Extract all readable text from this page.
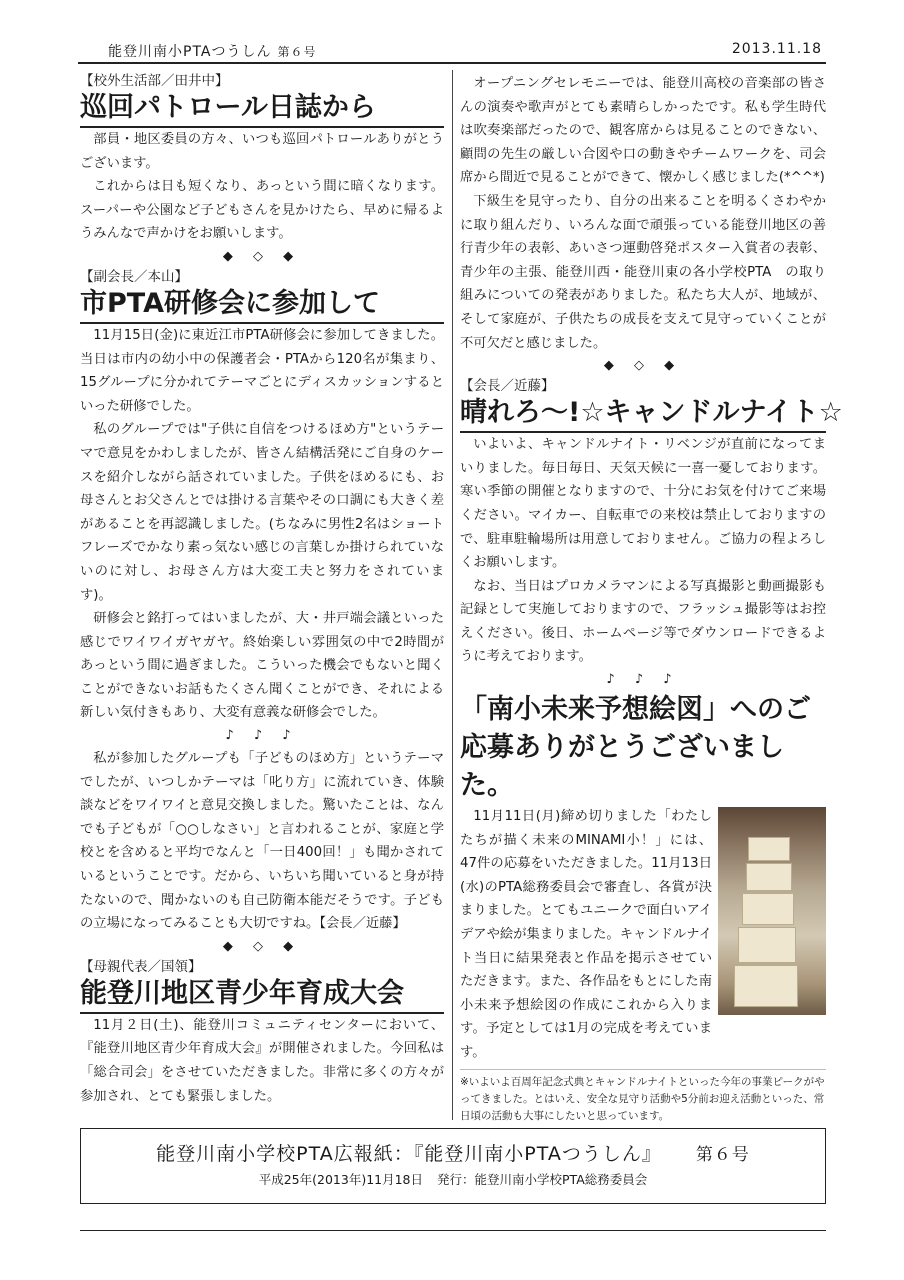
能登川南小PTAつうしん 第６号	2013.11.18
【校外生活部／田井中】
巡回パトロール日誌から

部員・地区委員の方々、いつも巡回パトロールありがとうございます。

これからは日も短くなり、あっという間に暗くなります。スーパーや公園など子どもさんを見かけたら、早めに帰るようみんなで声かけをお願いします。

◆ ◇ ◆
【副会長／本山】
市PTA研修会に参加して

11月15日(金)に東近江市PTA研修会に参加してきました。当日は市内の幼小中の保護者会・PTAから120名が集まり、15グループに分かれてテーマごとにディスカッションするといった研修でした。

私のグループでは"子供に自信をつけるほめ方"というテーマで意見をかわしましたが、皆さん結構活発にご自身のケースを紹介しながら話されていました。子供をほめるにも、お母さんとお父さんとでは掛ける言葉やその口調にも大きく差があることを再認識しました。(ちなみに男性2名はショートフレーズでかなり素っ気ない感じの言葉しか掛けられていないのに対し、お母さん方は大変工夫と努力をされています)。

研修会と銘打ってはいましたが、大・井戸端会議といった感じでワイワイガヤガヤ。終始楽しい雰囲気の中で2時間があっという間に過ぎました。こういった機会でもないと聞くことができないお話もたくさん聞くことができ、それによる新しい気付きもあり、大変有意義な研修会でした。

♪ ♪ ♪

私が参加したグループも「子どものほめ方」というテーマでしたが、いつしかテーマは「叱り方」に流れていき、体験談などをワイワイと意見交換しました。驚いたことは、なんでも子どもが「○○しなさい」と言われることが、家庭と学校とを含めると平均でなんと「一日400回！」も聞かされているということです。だから、いちいち聞いていると身が持たないので、聞かないのも自己防衛本能だそうです。子どもの立場になってみることも大切ですね。【会長／近藤】

◆ ◇ ◆
【母親代表／国領】
能登川地区青少年育成大会

11月２日(土)、能登川コミュニティセンターにおいて、『能登川地区青少年育成大会』が開催されました。今回私は「総合司会」をさせていただきました。非常に多くの方々が参加され、とても緊張しました。

オープニングセレモニーでは、能登川高校の音楽部の皆さんの演奏や歌声がとても素晴らしかったです。私も学生時代は吹奏楽部だったので、観客席からは見ることのできない、顧問の先生の厳しい合図や口の動きやチームワークを、司会席から間近で見ることができて、懐かしく感じました(*^^*)

下級生を見守ったり、自分の出来ることを明るくさわやかに取り組んだり、いろんな面で頑張っている能登川地区の善行青少年の表彰、あいさつ運動啓発ポスター入賞者の表彰、青少年の主張、能登川西・能登川東の各小学校PTA　の取り組みについての発表がありました。私たち大人が、地域が、そして家庭が、子供たちの成長を支えて見守っていくことが不可欠だと感じました。

◆ ◇ ◆
【会長／近藤】
晴れろ〜!☆キャンドルナイト☆

いよいよ、キャンドルナイト・リベンジが直前になってまいりました。毎日毎日、天気天候に一喜一憂しております。寒い季節の開催となりますので、十分にお気を付けてご来場ください。マイカー、自転車での来校は禁止しておりますので、駐車駐輪場所は用意しておりません。ご協力の程よろしくお願いします。

なお、当日はプロカメラマンによる写真撮影と動画撮影も記録として実施しておりますので、フラッシュ撮影等はお控えください。後日、ホームページ等でダウンロードできるように考えております。

♪ ♪ ♪
「南小未来予想絵図」へのご応募ありがとうございました。

11月11日(月)締め切りました「わたしたちが描く未来のMINAMI小！」には、47件の応募をいただきました。11月13日(水)のPTA総務委員会で審査し、各賞が決まりました。とてもユニークで面白いアイデアや絵が集まりました。キャンドルナイト当日に結果発表と作品を掲示させていただきます。また、各作品をもとにした南小未来予想絵図の作成にこれから入ります。予定としては1月の完成を考えています。

※いよいよ百周年記念式典とキャンドルナイトといった今年の事業ピークがやってきました。とはいえ、安全な見守り活動や5分前お迎え活動といった、常日頃の活動も大事にしたいと思っています。
能登川南小学校PTA広報紙：『能登川南小PTAつうしん』 第６号
平成25年(2013年)11月18日 発行：能登川南小学校PTA総務委員会
